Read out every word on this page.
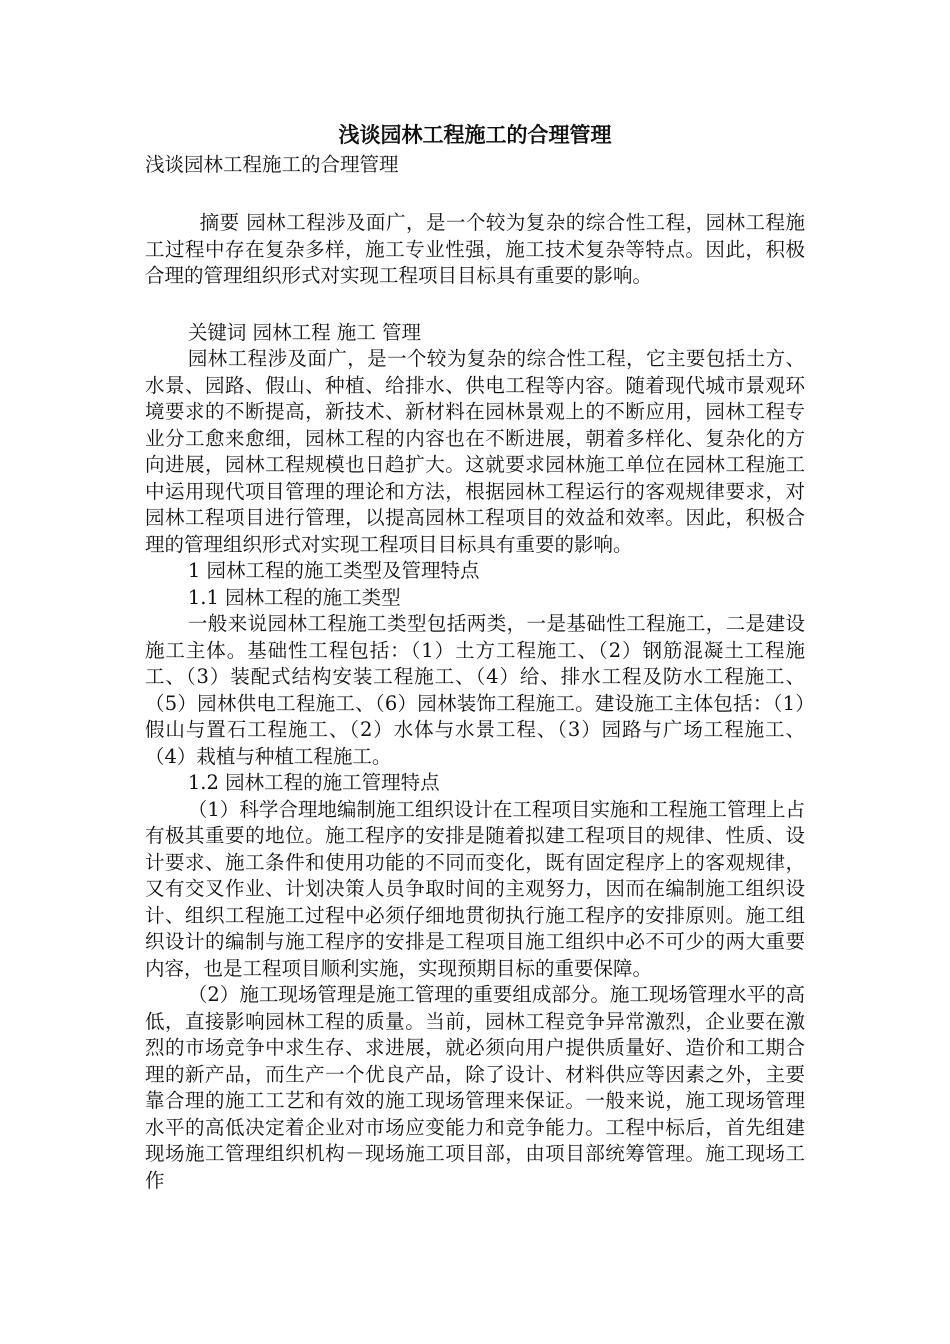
浅谈园林工程施工的合理管理

浅谈园林工程施工的合理管理

摘要 园林工程涉及面广，是一个较为复杂的综合性工程，园林工程施工过程中存在复杂多样，施工专业性强，施工技术复杂等特点。因此，积极合理的管理组织形式对实现工程项目目标具有重要的影响。

关键词 园林工程 施工 管理

园林工程涉及面广，是一个较为复杂的综合性工程，它主要包括土方、水景、园路、假山、种植、给排水、供电工程等内容。随着现代城市景观环境要求的不断提高，新技术、新材料在园林景观上的不断应用，园林工程专业分工愈来愈细，园林工程的内容也在不断进展，朝着多样化、复杂化的方向进展，园林工程规模也日趋扩大。这就要求园林施工单位在园林工程施工中运用现代项目管理的理论和方法，根据园林工程运行的客观规律要求，对园林工程项目进行管理，以提高园林工程项目的效益和效率。因此，积极合理的管理组织形式对实现工程项目目标具有重要的影响。

1 园林工程的施工类型及管理特点

1.1 园林工程的施工类型

一般来说园林工程施工类型包括两类，一是基础性工程施工，二是建设施工主体。基础性工程包括：（1）土方工程施工、（2）钢筋混凝土工程施工、（3）装配式结构安装工程施工、（4）给、排水工程及防水工程施工、（5）园林供电工程施工、（6）园林装饰工程施工。建设施工主体包括：（1）假山与置石工程施工、（2）水体与水景工程、（3）园路与广场工程施工、（4）栽植与种植工程施工。

1.2 园林工程的施工管理特点

（1）科学合理地编制施工组织设计在工程项目实施和工程施工管理上占有极其重要的地位。施工程序的安排是随着拟建工程项目的规律、性质、设计要求、施工条件和使用功能的不同而变化，既有固定程序上的客观规律，又有交叉作业、计划决策人员争取时间的主观努力，因而在编制施工组织设计、组织工程施工过程中必须仔细地贯彻执行施工程序的安排原则。施工组织设计的编制与施工程序的安排是工程项目施工组织中必不可少的两大重要内容，也是工程项目顺利实施，实现预期目标的重要保障。

（2）施工现场管理是施工管理的重要组成部分。施工现场管理水平的高低，直接影响园林工程的质量。当前，园林工程竞争异常激烈，企业要在激烈的市场竞争中求生存、求进展，就必须向用户提供质量好、造价和工期合理的新产品，而生产一个优良产品，除了设计、材料供应等因素之外，主要靠合理的施工工艺和有效的施工现场管理来保证。一般来说，施工现场管理水平的高低决定着企业对市场应变能力和竞争能力。工程中标后，首先组建现场施工管理组织机构－现场施工项目部，由项目部统筹管理。施工现场工作
